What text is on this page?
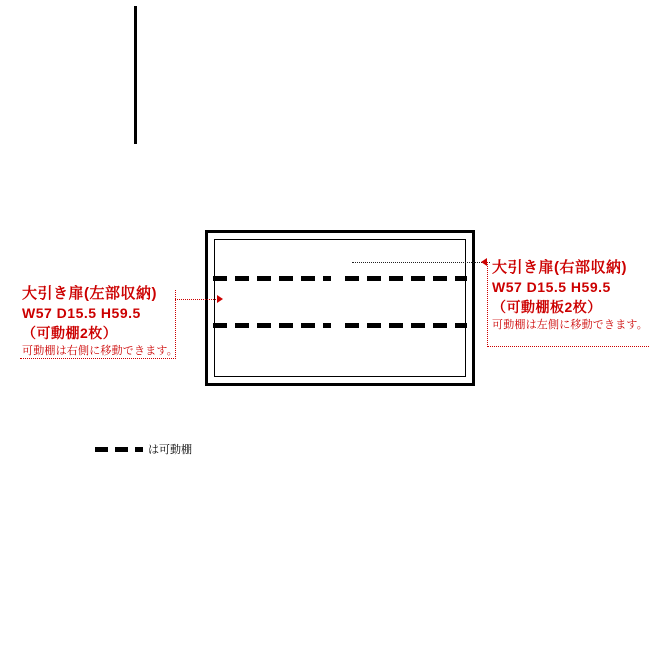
大引き扉(左部収納)
W57 D15.5 H59.5
（可動棚2枚）
可動棚は右側に移動できます。
大引き扉(右部収納)
W57 D15.5 H59.5
（可動棚板2枚）
可動棚は左側に移動できます。
は可動棚
